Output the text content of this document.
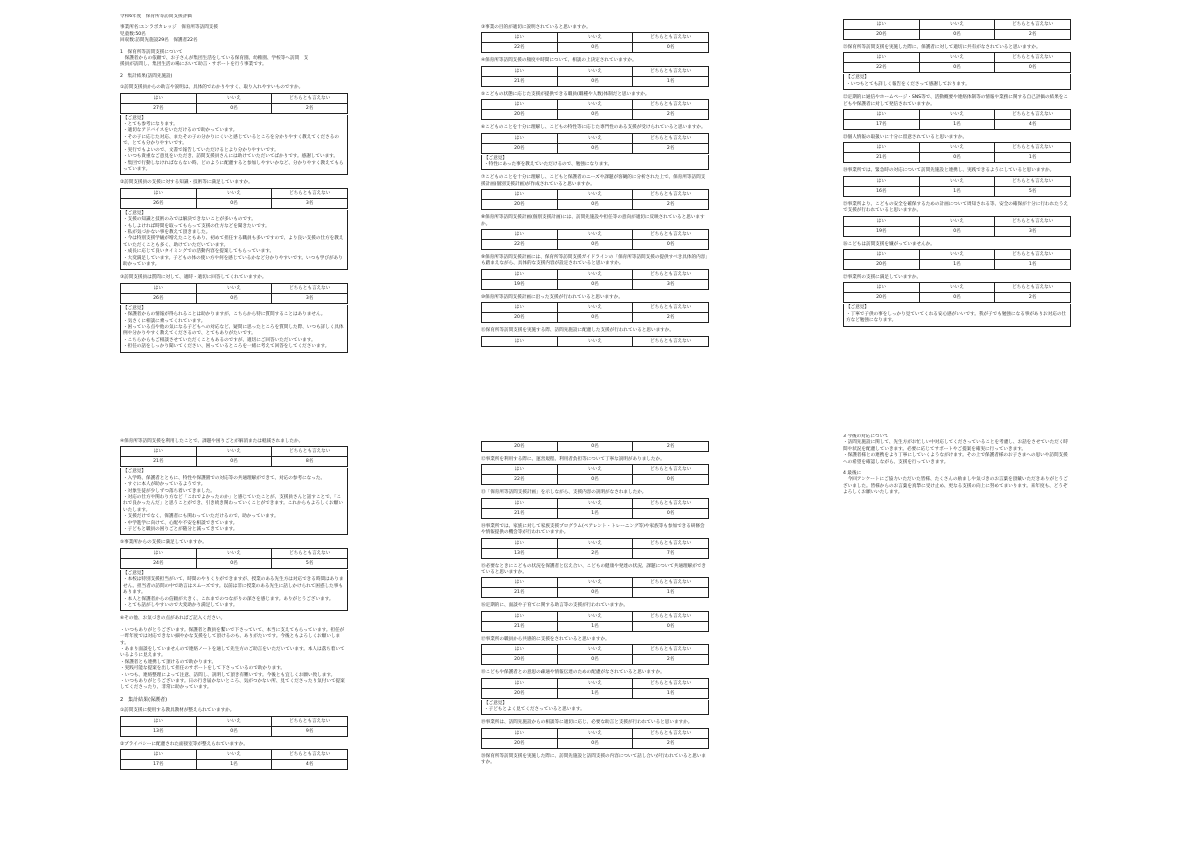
令和6年度　保育所等訪問支援評価
事業所名:エンラボカレッジ　保育所等訪問支援
児童数:50名
回収数:訪問先施設29名　保護者22名
1　保育所等訪問支援について
　保護者からの依頼で、お子さんが集団生活をしている保育園、幼稚園、学校等へ訪問　支
援員が訪問し、集団生活の場において助言・サポートを行う事業です。
2　集計結果(訪問先施設)
①訪問支援員からの助言や説明は、具体的でわかりやすく、取り入れやすいものですか。
はい	いいえ	どちらとも言えない
27名	0名	2名
【ご意見】
・とても参考になります。
・適切なアドバイスをいただけるので助かっています。
・その子に応じた対応、またその子の分かりにくいと感じているところを分かりやすく教えてくださるので、とても分かりやすいです。
・実行でもよいので、文書で報告していただけるとより分かりやすいです。
・いつも貴重なご意見をいただき、訪問支援員さんには助けていただいてばかりです。感謝しています。
・集団で行動しなければならない時、どのように配慮すると参加しやすいかなど、分かりやすく教えてもらっています。
②訪問支援員の支援に対する知識・技術等に満足していますか。
はい	いいえ	どちらとも言えない
26名	0名	3名
【ご意見】
・支援の知識と技術のみでは解決できないことが多いものです。
・もしよければ時間を取ってもらって支援の仕方などを聞きたいです。
・私が気づかない事を教えて頂きました。
・今は特別支援学級が増えたこともあり、初めて担任する職員も多いですので、より良い支援の仕方を教えていただくことも多く、助けていただいています。
・成長に応じて良いタイミングでの活動内容を提案してもらっています。
・大変満足しています。子どもの体の使い方や何を感じているかなど分かりやすいです。いつも学びがあり助かっています。
③訪問支援員は質問に対して、適時・適切に回答してくれていますか。
はい	いいえ	どちらとも言えない
26名	0名	3名
【ご意見】
・保護者からの情報が得られることは助かりますが、こちらから特に質問することはありません。
・気さくに相談に乗ってくれています。
・困っている点や他の気になる子どもへの対応など、疑問に思ったところを質問した際、いつも詳しく具体例や分かりやすく教えてくださるので、とてもありがたいです。
・こちらからもご相談させていただくこともあるのですが、適切にご回答いただいています。
・担任の話をしっかり聞いてください、困っているところを一緒に考えて回答をしてくださいます。
④保育所等訪問支援を利用したことで、課題や困りごとが解消または軽減されましたか。
はい	いいえ	どちらとも言えない
21名	0名	8名
【ご意見】
・入学時、保護者とともに、特性や保護園での対応等の共通理解ができて、対応の参考になった。
・すぐに本人が助かっているようです。
・対象生徒が少しずつ落ち着いてきました。
・対応の仕方や関わり方など「これでよかったのか」と感じていたことが、支援員さんと話すことで、「これで良かったんだ」と思うことができ、引き続き関わっていくことができます。これからもよろしくお願いいたします。
・支援だけでなく、保護者にも関わっていただけるので、助かっています。
・中学進学に向けて、心配や不安を相談できています。
・子どもと職員の困りごとが随分と減ってきています。
⑤事業所からの支援に満足していますか。
はい	いいえ	どちらとも言えない
24名	0名	5名
【ご意見】
・本校は特別支援担当がいて、時間のやりくりができますが、授業のある先生方は対応できる時間はありません。担当者の訪問の中で助言はスムーズです。以前は非に授業のある先生に話しかけられて困惑した事もあります。
・本人と保護者からの信頼が大きく、これまでのつながりの深さを感じます。ありがとうございます。
・とても話がしやすいので大変助かり満足しています。
⑥その他、お気づきの点があればご記入ください。
・いつもありがとうございます。保護者と教員を繋いで下さっていて、本当に支えてもらっています。担任が一昨年度では対応できない細やかな支援をして頂けるのも、ありがたいです。今後ともよろしくお願いします。
・あまり面談をしていませんので連絡ノートを通して先生方のご助言をいただいています。本人は落ち着いているように見えます。
・保護者とも連携して頂けるので助かります。
・実践可能な提案を出して担任のサポートをして下さっているので助かります。
・いつも、連絡整理によって注意、訪問し、説明して頂き有難いです。今後とも宜しくお願い致します。
・いつもありがとうございます。日の行き届かないところ、気がつかない所、見てくださったり気付いて提案してくださったり、非常に助かっています。
2　集計結果(保護者)
①訪問支援に使用する教具教材が整えられていますか。
はい	いいえ	どちらとも言えない
13名	0名	9名
②プライバシーに配慮された面接室等が整えられていますか。
はい	いいえ	どちらとも言えない
17名	1名	4名
③事業の目的が適切に説明されていると思いますか。
はい	いいえ	どちらとも言えない
22名	0名	0名
④保育所等訪問支援の頻度や時間について、相談の上決定されていますか。
はい	いいえ	どちらとも言えない
21名	0名	1名
⑤こどもの状態に応じた支援が提供できる職員(職種や人数)体制だと思いますか。
はい	いいえ	どちらとも言えない
20名	0名	2名
⑥こどものことを十分に理解し、こどもの特性等に応じた専門性のある支援が受けられていると思いますか。
はい	いいえ	どちらとも言えない
20名	0名	2名
【ご意見】
・特性にあった事を教えていただけるので、勉強になります。
⑦こどものことを十分に理解し、こどもと保護者のニーズや課題が客観的に分析された上で、保育所等訪問支援計画(個別支援計画)が作成されていると思いますか。
はい	いいえ	どちらとも言えない
20名	0名	2名
⑧保育所等訪問支援計画(個別支援計画)には、訪問先施設や担任等の意向が適切に反映されていると思いますか。
はい	いいえ	どちらとも言えない
22名	0名	0名
⑨保育所等訪問支援計画には、保育所等訪問支援ガイドラインの「保育所等訪問支援の提供すべき具体的内容」も踏まえながら、具体的な支援内容が設定されていると思いますか。
はい	いいえ	どちらとも言えない
19名	0名	3名
⑩保育所等訪問支援計画に沿った支援が行われていると思いますか。
はい	いいえ	どちらとも言えない
20名	0名	2名
⑪保育所等訪問支援を実施する際、訪問先施設に配慮した支援が行われていると思いますか。
はい	いいえ	どちらとも言えない
20名	0名	2名
⑫事業所を利用する際に、運営規程、利用者負担等について丁寧な説明がありましたか。
はい	いいえ	どちらとも言えない
22名	0名	0名
⑬「保育所等訪問支援計画」を示しながら、支援内容の説明がなされましたか。
はい	いいえ	どちらとも言えない
21名	1名	0名
⑭事業所では、家族に対して家族支援プログラム(ペアレント・トレーニング等)や家族等も参加できる研修会や情報提供の機会等が行われていますか。
はい	いいえ	どちらとも言えない
13名	2名	7名
⑮必要なときにこどもの状況を保護者と伝え合い、こどもの健康や発達の状況、課題について共通理解ができていると思いますか。
はい	いいえ	どちらとも言えない
21名	0名	1名
⑯定期的に、面談や子育てに関する助言等の支援が行われていますか。
はい	いいえ	どちらとも言えない
21名	1名	0名
⑰事業所の職員から共感的に支援をされていると思いますか。
はい	いいえ	どちらとも言えない
20名	0名	2名
⑱こどもや保護者との意思の疎通や情報伝達のための配慮がなされていると思いますか。
はい	いいえ	どちらとも言えない
20名	1名	1名
【ご意見】
・子どもとよく見てくださっていると思います。
⑲事業所は、訪問先施設からの相談等に適切に応じ、必要な助言と支援が行われていると思いますか。
はい	いいえ	どちらとも言えない
20名	0名	2名
⑳保育所等訪問支援を実施した際に、訪問先施設と訪問支援の内容について話し合いが行われていると思いますか。
はい	いいえ	どちらとも言えない
20名	0名	2名
㉑保育所等訪問支援を実施した際に、保護者に対して適切に共有がなされていると思いますか。
はい	いいえ	どちらとも言えない
22名	0名	0名
【ご意見】
・いつもとても詳しく報告をくださって感謝しております。
㉒定期的に通信やホームページ・SNS等で、活動概要や連絡体制等の情報や業務に関する自己評価の結果をこどもや保護者に対して発信されていますか。
はい	いいえ	どちらとも言えない
17名	1名	4名
㉓個人情報の取扱いに十分に留意されていると思いますか。
はい	いいえ	どちらとも言えない
21名	0名	1名
㉔事業所では、緊急時の対応について訪問先施設と連携し、実践できるようにしていると思いますか。
はい	いいえ	どちらとも言えない
16名	1名	5名
㉕事業所より、こどもの安全を確保するための計画について周知される等、安全の確保が十分に行われたうえで支援が行われていると思いますか。
はい	いいえ	どちらとも言えない
19名	0名	3名
㉖こどもは訪問支援を嫌がっていませんか。
はい	いいえ	どちらとも言えない
20名	1名	1名
㉗事業所の支援に満足していますか。
はい	いいえ	どちらとも言えない
20名	0名	2名
【ご意見】
・丁寧で子供の事をしっかり見ていてくれる安心感がいいです。我が子でも勉強になる事がありお対応の仕方など勉強になります。
3 今後の対応について
・訪問先施設に関して、先生方がお忙しい中対応してくださっていることを考慮し、お話をさせていただく時間や状況を配慮していきます。必要に応じてサポートやご提案を確実に行っていきます。
・保護者様との連携をより丁寧にしていくようながけます。その上で保護者様のお子さまへの思いや訪問支援への希望を確認しながら、支援を行っていきます。
4 最後に
　今回アンケートにご協力いただいた皆様、たくさんの励ましや気づきのお言葉を頂戴いただきありがとうございました。皆様からのお言葉を真摯に受け止め、更なる支援の向上に努めてまいります。来年度も、どうぞよろしくお願いいたします。
